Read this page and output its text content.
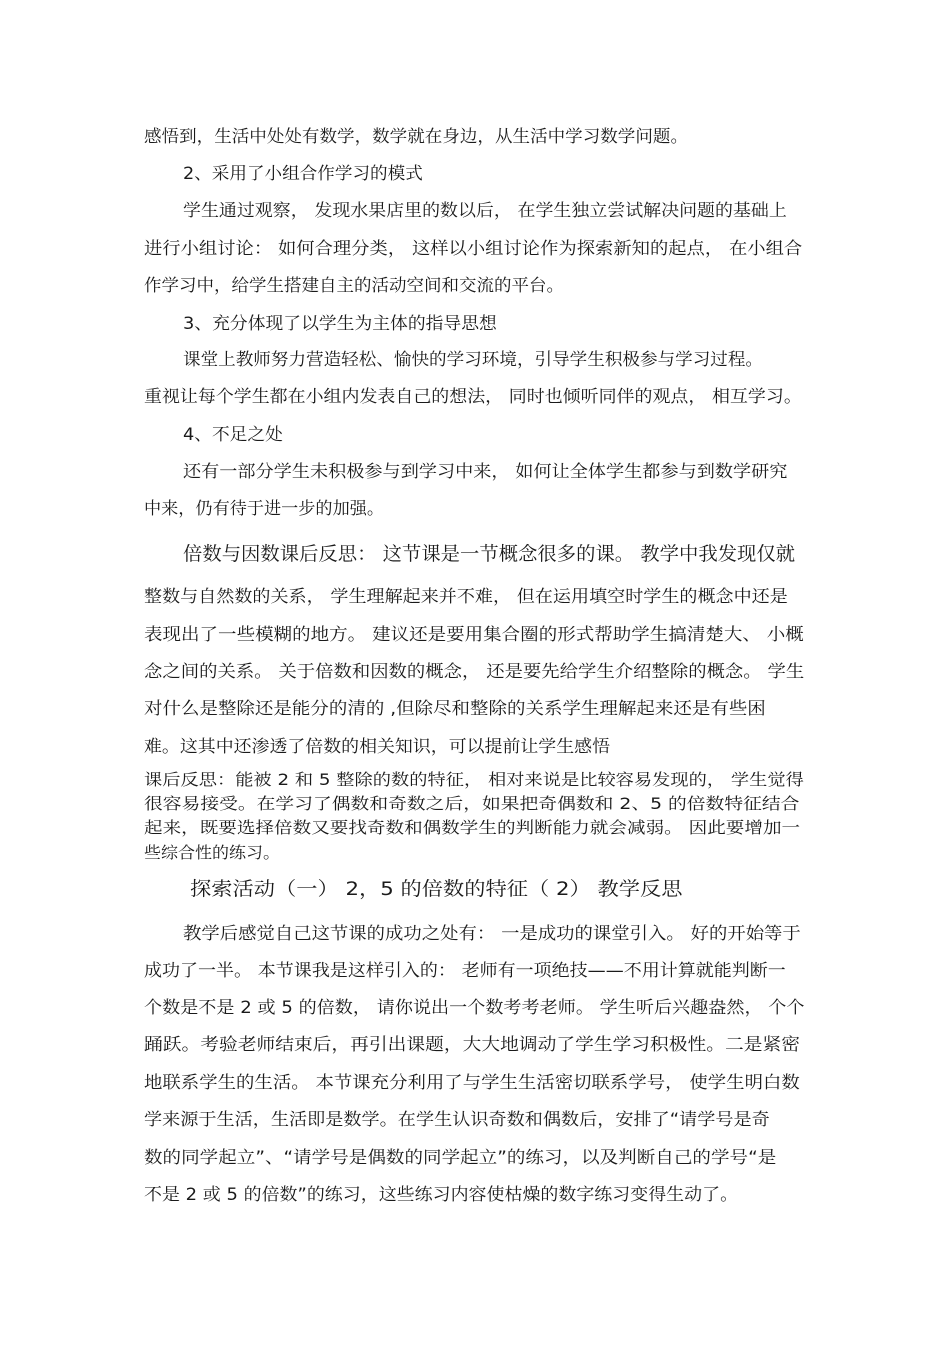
感悟到，生活中处处有数学，数学就在身边，从生活中学习数学问题。
2、采用了小组合作学习的模式
学生通过观察， 发现水果店里的数以后， 在学生独立尝试解决问题的基础上
进行小组讨论： 如何合理分类， 这样以小组讨论作为探索新知的起点， 在小组合
作学习中，给学生搭建自主的活动空间和交流的平台。
3、充分体现了以学生为主体的指导思想
课堂上教师努力营造轻松、愉快的学习环境，引导学生积极参与学习过程。
重视让每个学生都在小组内发表自己的想法， 同时也倾听同伴的观点， 相互学习。
4、不足之处
还有一部分学生未积极参与到学习中来， 如何让全体学生都参与到数学研究
中来，仍有待于进一步的加强。
倍数与因数课后反思： 这节课是一节概念很多的课。 教学中我发现仅就
整数与自然数的关系， 学生理解起来并不难， 但在运用填空时学生的概念中还是
表现出了一些模糊的地方。 建议还是要用集合圈的形式帮助学生搞清楚大、 小概
念之间的关系。 关于倍数和因数的概念， 还是要先给学生介绍整除的概念。 学生
对什么是整除还是能分的清的 ,但除尽和整除的关系学生理解起来还是有些困
难。这其中还渗透了倍数的相关知识，可以提前让学生感悟
课后反思：能被 2 和 5 整除的数的特征， 相对来说是比较容易发现的， 学生觉得
很容易接受。在学习了偶数和奇数之后，如果把奇偶数和 2、5 的倍数特征结合
起来，既要选择倍数又要找奇数和偶数学生的判断能力就会减弱。 因此要增加一
些综合性的练习。
探索活动（一） 2，5 的倍数的特征（ 2） 教学反思
教学后感觉自己这节课的成功之处有： 一是成功的课堂引入。 好的开始等于
成功了一半。 本节课我是这样引入的： 老师有一项绝技——不用计算就能判断一
个数是不是 2 或 5 的倍数， 请你说出一个数考考老师。 学生听后兴趣盎然， 个个
踊跃。考验老师结束后，再引出课题，大大地调动了学生学习积极性。二是紧密
地联系学生的生活。 本节课充分利用了与学生生活密切联系学号， 使学生明白数
学来源于生活，生活即是数学。在学生认识奇数和偶数后，安排了“请学号是奇
数的同学起立”、“请学号是偶数的同学起立”的练习，以及判断自己的学号“是
不是 2 或 5 的倍数”的练习，这些练习内容使枯燥的数字练习变得生动了。
